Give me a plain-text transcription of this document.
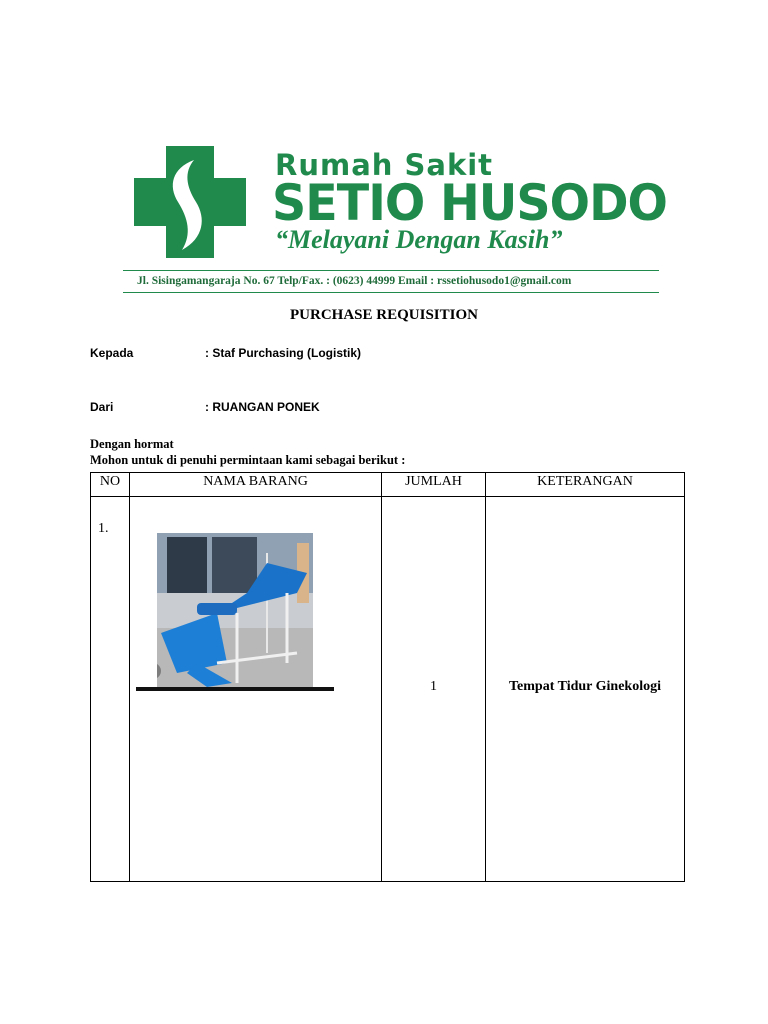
Rumah Sakit
SETIO HUSODO
“Melayani Dengan Kasih”
Jl. Sisingamangaraja No. 67 Telp/Fax. : (0623) 44999 Email : rssetiohusodo1@gmail.com
PURCHASE REQUISITION
Kepada	: Staf Purchasing (Logistik)
Dari	: RUANGAN PONEK
Dengan hormat
Mohon untuk di penuhi permintaan kami sebagai berikut :
NO	NAMA BARANG	JUMLAH	KETERANGAN

1.		1	Tempat Tidur Ginekologi
